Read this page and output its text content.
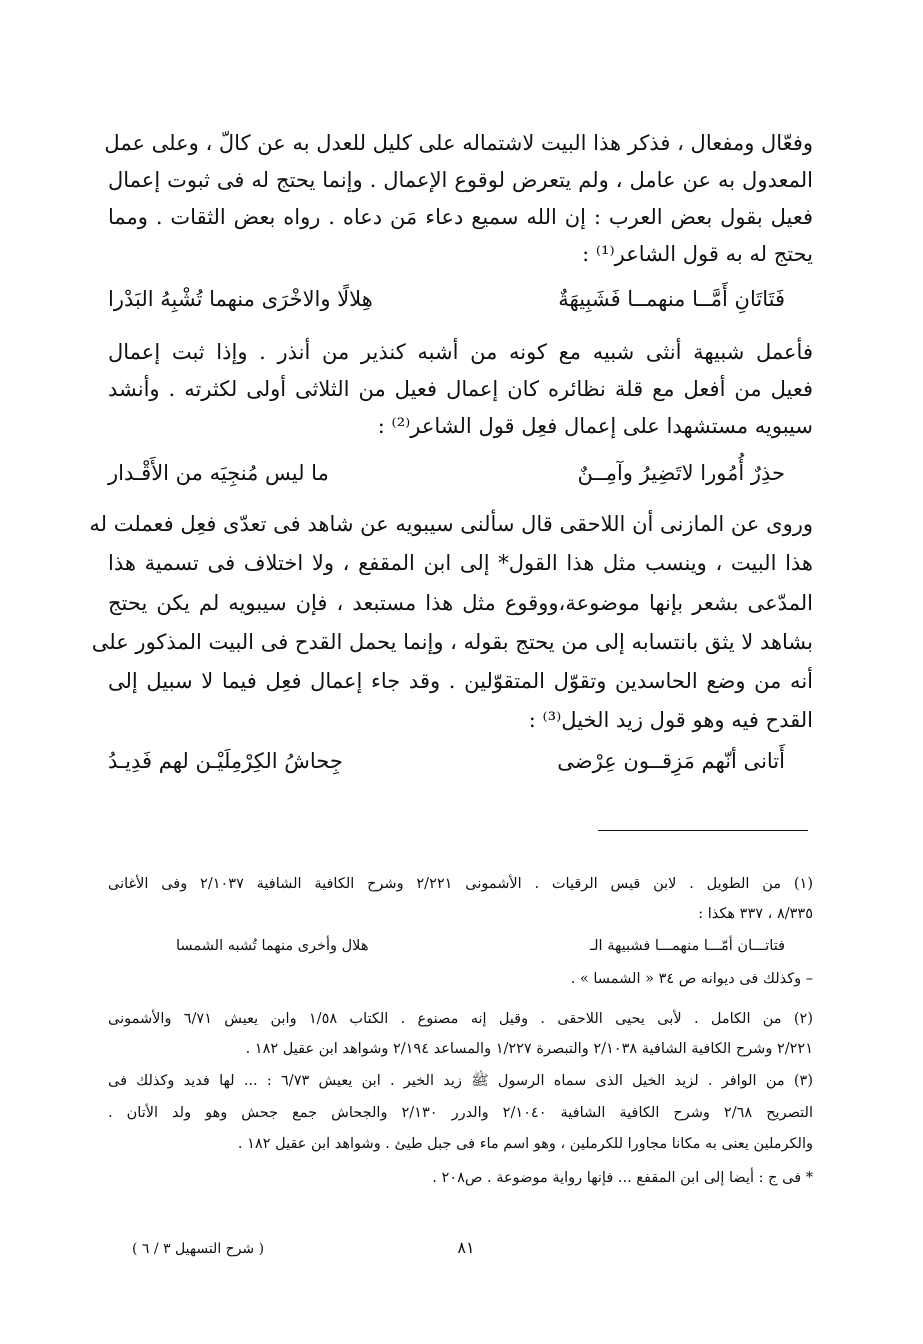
وفعّال ومفعال ، فذكر هذا البيت لاشتماله على كليل للعدل به عن كالّ ، وعلى عمل
المعدول به عن عامل ، ولم يتعرض لوقوع الإعمال . وإنما يحتج له فى ثبوت إعمال
فعيل بقول بعض العرب : إن الله سميع دعاء مَن دعاه . رواه بعض الثقات . ومما
يحتج له به قول الشاعر⁽¹⁾ :
فَتَاتَانِ أَمَّــا منهمــا فَشَبِيهَةٌ
هِلالًا والاخْرَى منهما تُشْبِهُ البَدْرا
فأعمل شبيهة أنثى شبيه مع كونه من أشبه كنذير من أنذر . وإذا ثبت إعمال
فعيل من أفعل مع قلة نظائره كان إعمال فعيل من الثلاثى أولى لكثرته . وأنشد
سيبويه مستشهدا على إعمال فعِل قول الشاعر⁽²⁾ :
حذِرٌ أُمُورا لاتَضِيرُ وآمِــنٌ
ما ليس مُنجِيَه من الأَقْـدار
وروى عن المازنى أن اللاحقى قال سألنى سيبويه عن شاهد فى تعدّى فعِل فعملت له
هذا البيت ، وينسب مثل هذا القول* إلى ابن المقفع ، ولا اختلاف فى تسمية هذا
المدّعى بشعر بإنها موضوعة،ووقوع مثل هذا مستبعد ، فإن سيبويه لم يكن يحتج
بشاهد لا يثق بانتسابه إلى من يحتج بقوله ، وإنما يحمل القدح فى البيت المذكور على
أنه من وضع الحاسدين وتقوّل المتقوّلين . وقد جاء إعمال فعِل فيما لا سبيل إلى
القدح فيه وهو قول زيد الخيل⁽³⁾ :
أَتانى أنّهم مَزِقــون عِرْضى
جِحاشُ الكِرْمِلَيْـن لهم فَدِيـدُ
(١) من الطويل . لابن قيس الرقيات . الأشمونى ٢/٢٢١ وشرح الكافية الشافية ٢/١٠٣٧ وفى الأغانى
٨/٣٣٥ ، ٣٣٧ هكذا :
فتاتـــان أمّـــا منهمـــا فشبيهة الـ
هلال وأخرى منهما تُشبه الشمسا
– وكذلك فى ديوانه ص ٣٤ « الشمسا » .
(٢) من الكامل . لأبى يحيى اللاحقى . وقيل إنه مصنوع . الكتاب ١/٥٨ وابن يعيش ٦/٧١ والأشمونى
٢/٢٢١ وشرح الكافية الشافية ٢/١٠٣٨ والتبصرة ١/٢٢٧ والمساعد ٢/١٩٤ وشواهد ابن عقيل ١٨٢ .
(٣) من الوافر . لزيد الخيل الذى سماه الرسول ﷺ زيد الخير . ابن يعيش ٦/٧٣ : ... لها فديد وكذلك فى
التصريح ٢/٦٨ وشرح الكافية الشافية ٢/١٠٤٠ والدرر ٢/١٣٠ والجحاش جمع جحش وهو ولد الأتان .
والكرملين يعنى به مكانا مجاورا للكرملين ، وهو اسم ماء فى جبل طيئ . وشواهد ابن عقيل ١٨٢ .
* فى ج : أيضا إلى ابن المقفع ... فإنها رواية موضوعة . ص٢٠٨ .
٨١
( شرح التسهيل ٣ / ٦ )
